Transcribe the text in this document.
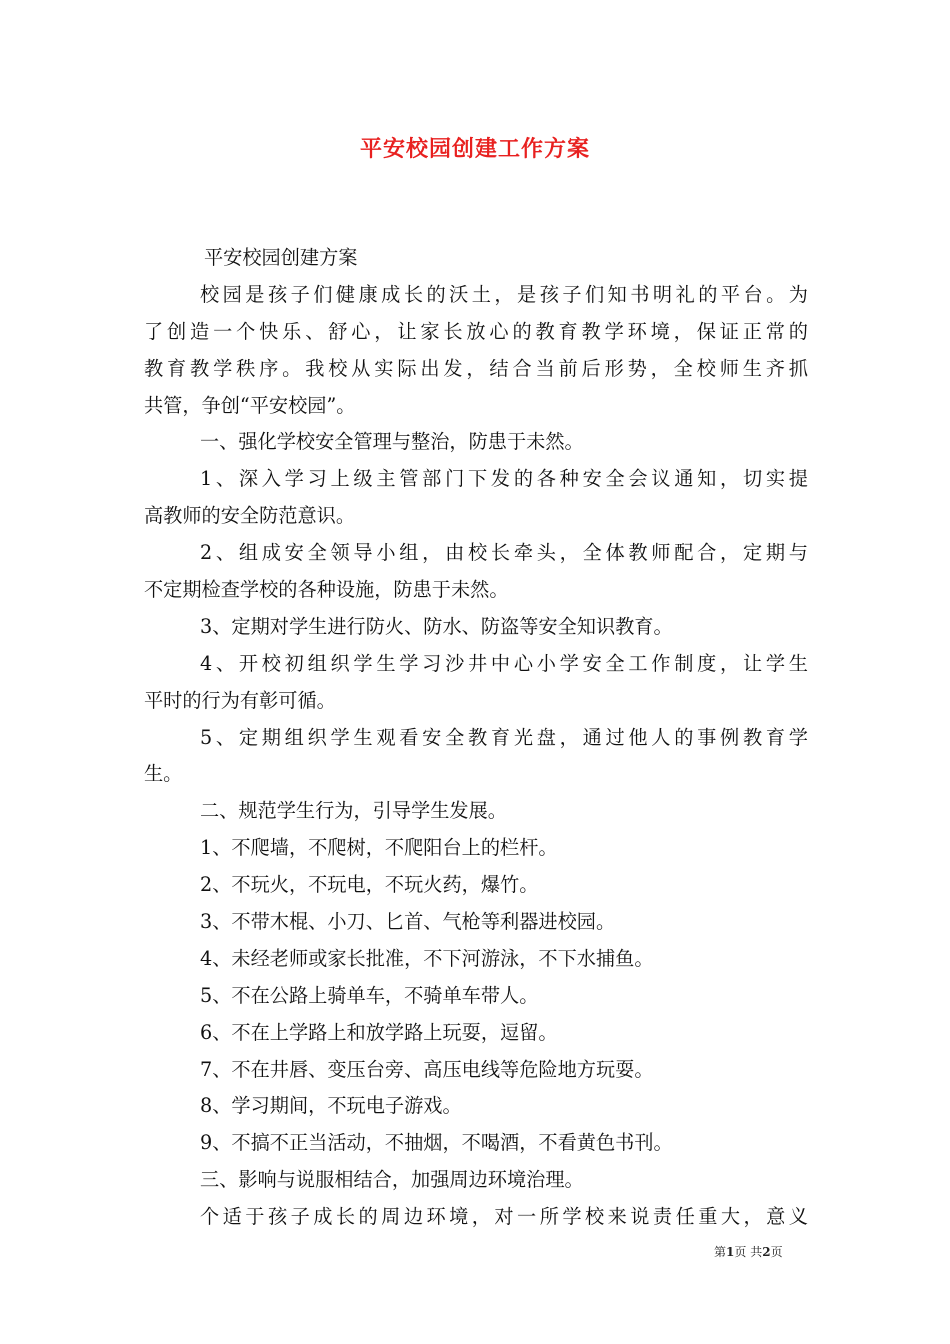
平安校园创建工作方案
平安校园创建方案
校园是孩子们健康成长的沃土，是孩子们知书明礼的平台。为
了创造一个快乐、舒心，让家长放心的教育教学环境，保证正常的
教育教学秩序。我校从实际出发，结合当前后形势，全校师生齐抓
共管，争创“平安校园”。
一、强化学校安全管理与整治，防患于未然。
1、深入学习上级主管部门下发的各种安全会议通知，切实提
高教师的安全防范意识。
2、组成安全领导小组，由校长牵头，全体教师配合，定期与
不定期检查学校的各种设施，防患于未然。
3、定期对学生进行防火、防水、防盗等安全知识教育。
4、开校初组织学生学习沙井中心小学安全工作制度，让学生
平时的行为有彰可循。
5、定期组织学生观看安全教育光盘，通过他人的事例教育学
生。
二、规范学生行为，引导学生发展。
1、不爬墙，不爬树，不爬阳台上的栏杆。
2、不玩火，不玩电，不玩火药，爆竹。
3、不带木棍、小刀、匕首、气枪等利器进校园。
4、未经老师或家长批准，不下河游泳，不下水捕鱼。
5、不在公路上骑单车，不骑单车带人。
6、不在上学路上和放学路上玩耍，逗留。
7、不在井唇、变压台旁、高压电线等危险地方玩耍。
8、学习期间，不玩电子游戏。
9、不搞不正当活动，不抽烟，不喝酒，不看黄色书刊。
三、影响与说服相结合，加强周边环境治理。
个适于孩子成长的周边环境，对一所学校来说责任重大，意义
第1页 共2页
